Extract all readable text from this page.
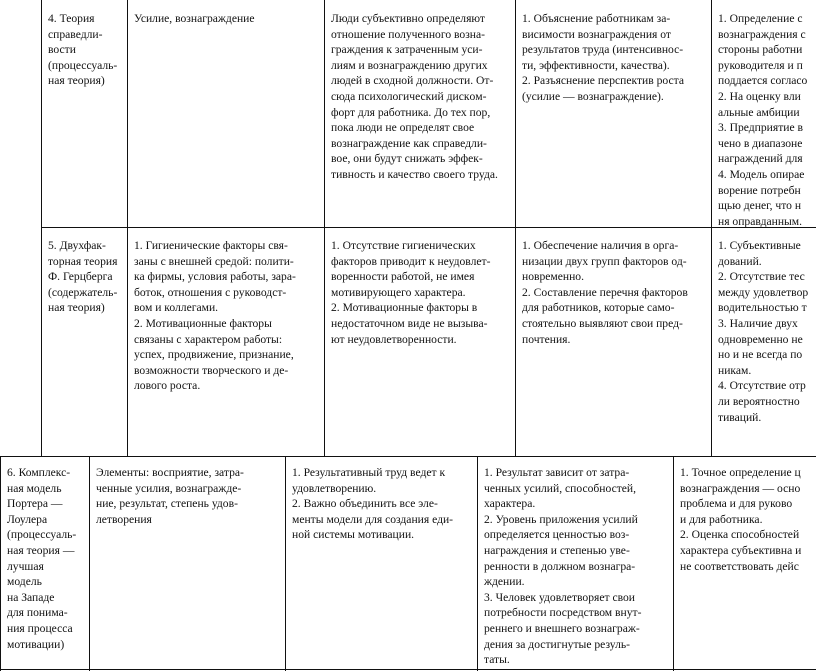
4. Теория
справедли-
вости
(процессуаль-
ная теория)
Усилие, вознаграждение	Люди субъективно определяют
отношение полученного возна-
граждения к затраченным уси-
лиям и вознаграждению других
людей в сходной должности. От-
сюда психологический дискoм-
форт для работника. До тех пор,
пока люди не определят свое
вознаграждение как справедли-
вое, они будут снижать эффек-
тивность и качество своего труда.
1. Объяснение работникам за-
висимости вознаграждения от
результатов труда (интенсивнос-
ти, эффективности, качества).
2. Разъяснение перспектив роста
(усилие — вознаграждение).
1. Определение с
вознаграждения с
стороны работни
руководителя и п
поддается согласо
2. На оценку вли
альные амбиции
3. Предприятие в
чено в диапазоне
награждений для
4. Модель опирае
ворение потребн
щью денег, что н
ня оправданным.
5. Двухфак-
торная теория
Ф. Герцберга
(содержатель-
ная теория)
1. Гигиенические факторы свя-
заны с внешней средой: полити-
ка фирмы, условия работы, зара-
боток, отношения с руководст-
вом и коллегами.
2. Мотивационные факторы
связаны с характером работы:
успех, продвижение, признание,
возможности творческого и де-
лового роста.
1. Отсутствие гигиенических
факторов приводит к неудовлет-
воренности работой, не имея
мотивирующего характера.
2. Мотивационные факторы в
недостаточном виде не вызыва-
ют неудовлетворенности.
1. Обеспечение наличия в орга-
низации двух групп факторов од-
новременно.
2. Составление перечня факторов
для работников, которые само-
стоятельно выявляют свои пред-
почтения.
1. Субъективные
дований.
2. Отсутствие тес
между удовлетвор
водительностью т
3. Наличие двух
одновременно не
но и не всегда по
никам.
4. Отсутствие отр
ли вероятностно
тиваций.
6. Комплекс-
ная модель
Портера —
Лоулера
(процессуаль-
ная теория —
лучшая
модель
на Западе
для понима-
ния процесса
мотивации)
Элементы: восприятие, затра-
ченные усилия, вознагражде-
ние, результат, степень удов-
летворения
1. Результативный труд ведет к
удовлетворению.
2. Важно объединить все эле-
менты модели для создания еди-
ной системы мотивации.
1. Результат зависит от затра-
ченных усилий, способностей,
характера.
2. Уровень приложения усилий
определяется ценностью воз-
награждения и степенью уве-
ренности в должном вознагра-
ждении.
3. Человек удовлетворяет свои
потребности посредством внут-
реннего и внешнего вознаграж-
дения за достигнутые резуль-
таты.
1. Точное определение ц
вознаграждения — осно
проблема и для руково
и для работника.
2. Оценка способностей
характера субъективна и
не соответствовать дейс
